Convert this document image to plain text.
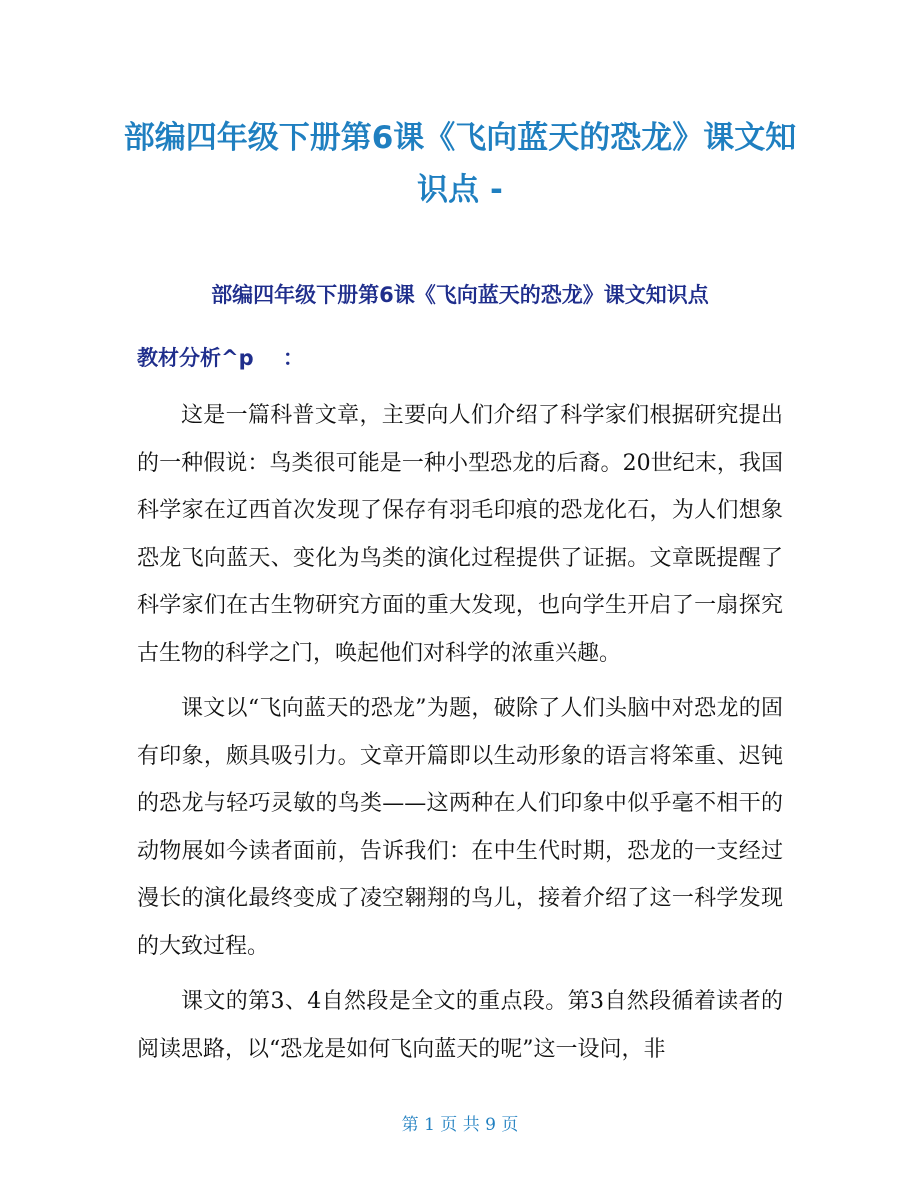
部编四年级下册第6课《飞向蓝天的恐龙》课文知识点 -
部编四年级下册第6课《飞向蓝天的恐龙》课文知识点
教材分析^p    ：

这是一篇科普文章，主要向人们介绍了科学家们根据研究提出的一种假说：鸟类很可能是一种小型恐龙的后裔。20世纪末，我国科学家在辽西首次发现了保存有羽毛印痕的恐龙化石，为人们想象恐龙飞向蓝天、变化为鸟类的演化过程提供了证据。文章既提醒了科学家们在古生物研究方面的重大发现，也向学生开启了一扇探究古生物的科学之门，唤起他们对科学的浓重兴趣。

课文以“飞向蓝天的恐龙”为题，破除了人们头脑中对恐龙的固有印象，颇具吸引力。文章开篇即以生动形象的语言将笨重、迟钝的恐龙与轻巧灵敏的鸟类——这两种在人们印象中似乎毫不相干的动物展如今读者面前，告诉我们：在中生代时期，恐龙的一支经过漫长的演化最终变成了凌空翱翔的鸟儿，接着介绍了这一科学发现的大致过程。

课文的第3、4自然段是全文的重点段。第3自然段循着读者的阅读思路，以“恐龙是如何飞向蓝天的呢”这一设问，非

第 1 页 共 9 页
